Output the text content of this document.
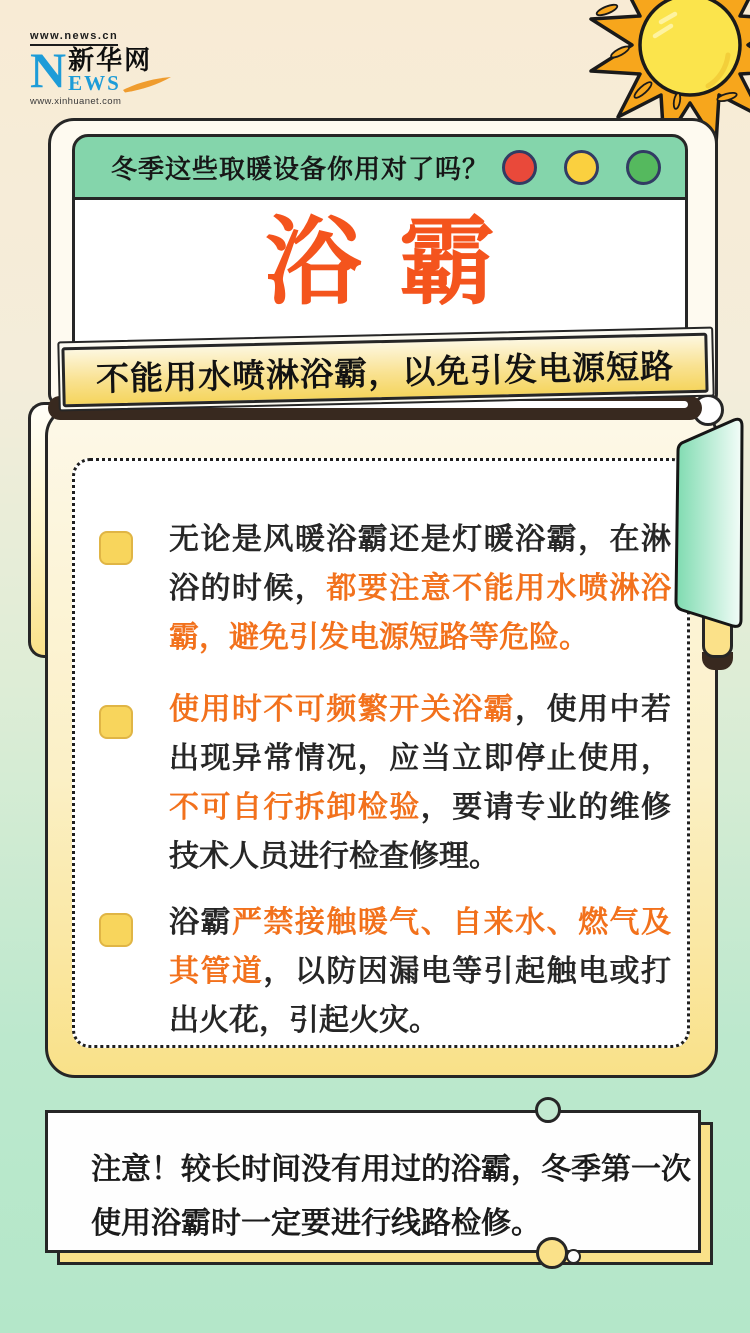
www.news.cn
N 新华网
EWS
www.xinhuanet.com
冬季这些取暖设备你用对了吗？
浴霸

无论是风暖浴霸还是灯暖浴霸，在淋浴的时候，都要注意不能用水喷淋浴霸，避免引发电源短路等危险。

使用时不可频繁开关浴霸，使用中若出现异常情况，应当立即停止使用，不可自行拆卸检验，要请专业的维修技术人员进行检查修理。

浴霸严禁接触暖气、自来水、燃气及其管道，以防因漏电等引起触电或打出火花，引起火灾。

不能用水喷淋浴霸，以免引发电源短路

注意！较长时间没有用过的浴霸，冬季第一次使用浴霸时一定要进行线路检修。
